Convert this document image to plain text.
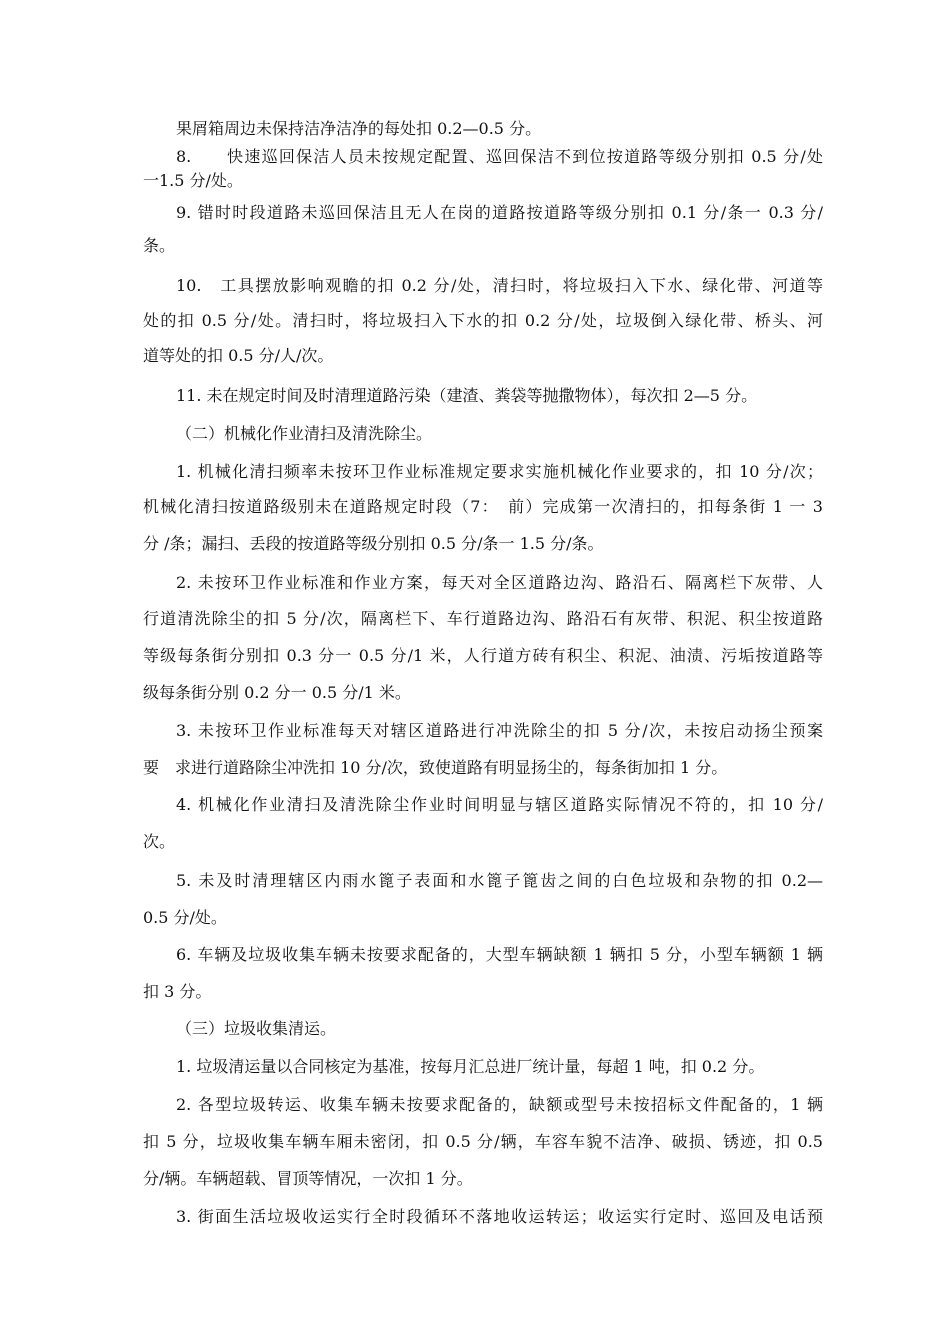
果屑箱周边未保持洁净洁净的每处扣 0.2—0.5 分。
8.　　快速巡回保洁人员未按规定配置、巡回保洁不到位按道路等级分别扣 0.5 分/处
一1.5 分/处。
9. 错时时段道路未巡回保洁且无人在岗的道路按道路等级分别扣 0.1 分/条一 0.3 分/
条。
10.　工具摆放影响观瞻的扣 0.2 分/处，清扫时，将垃圾扫入下水、绿化带、河道等
处的扣 0.5 分/处。清扫时，将垃圾扫入下水的扣 0.2 分/处，垃圾倒入绿化带、桥头、河
道等处的扣 0.5 分/人/次。
11. 未在规定时间及时清理道路污染（建渣、粪袋等抛撒物体），每次扣 2—5 分。
（二）机械化作业清扫及清洗除尘。
1. 机械化清扫频率未按环卫作业标准规定要求实施机械化作业要求的，扣 10 分/次；
机械化清扫按道路级别未在道路规定时段（7：　前）完成第一次清扫的，扣每条街 1 一 3
分 /条；漏扫、丢段的按道路等级分别扣 0.5 分/条一 1.5 分/条。
2. 未按环卫作业标准和作业方案，每天对全区道路边沟、路沿石、隔离栏下灰带、人
行道清洗除尘的扣 5 分/次，隔离栏下、车行道路边沟、路沿石有灰带、积泥、积尘按道路
等级每条街分别扣 0.3 分一 0.5 分/1 米，人行道方砖有积尘、积泥、油渍、污垢按道路等
级每条街分别 0.2 分一 0.5 分/1 米。
3. 未按环卫作业标准每天对辖区道路进行冲洗除尘的扣 5 分/次，未按启动扬尘预案
要　求进行道路除尘冲洗扣 10 分/次，致使道路有明显扬尘的，每条街加扣 1 分。
4. 机械化作业清扫及清洗除尘作业时间明显与辖区道路实际情况不符的，扣 10 分/
次。
5. 未及时清理辖区内雨水篦子表面和水篦子篦齿之间的白色垃圾和杂物的扣 0.2—
0.5 分/处。
6. 车辆及垃圾收集车辆未按要求配备的，大型车辆缺额 1 辆扣 5 分，小型车辆额 1 辆
扣 3 分。
（三）垃圾收集清运。
1. 垃圾清运量以合同核定为基准，按每月汇总进厂统计量，每超 1 吨，扣 0.2 分。
2. 各型垃圾转运、收集车辆未按要求配备的，缺额或型号未按招标文件配备的，1 辆
扣 5 分，垃圾收集车辆车厢未密闭，扣 0.5 分/辆，车容车貌不洁净、破损、锈迹，扣 0.5
分/辆。车辆超载、冒顶等情况，一次扣 1 分。
3. 街面生活垃圾收运实行全时段循环不落地收运转运；收运实行定时、巡回及电话预
